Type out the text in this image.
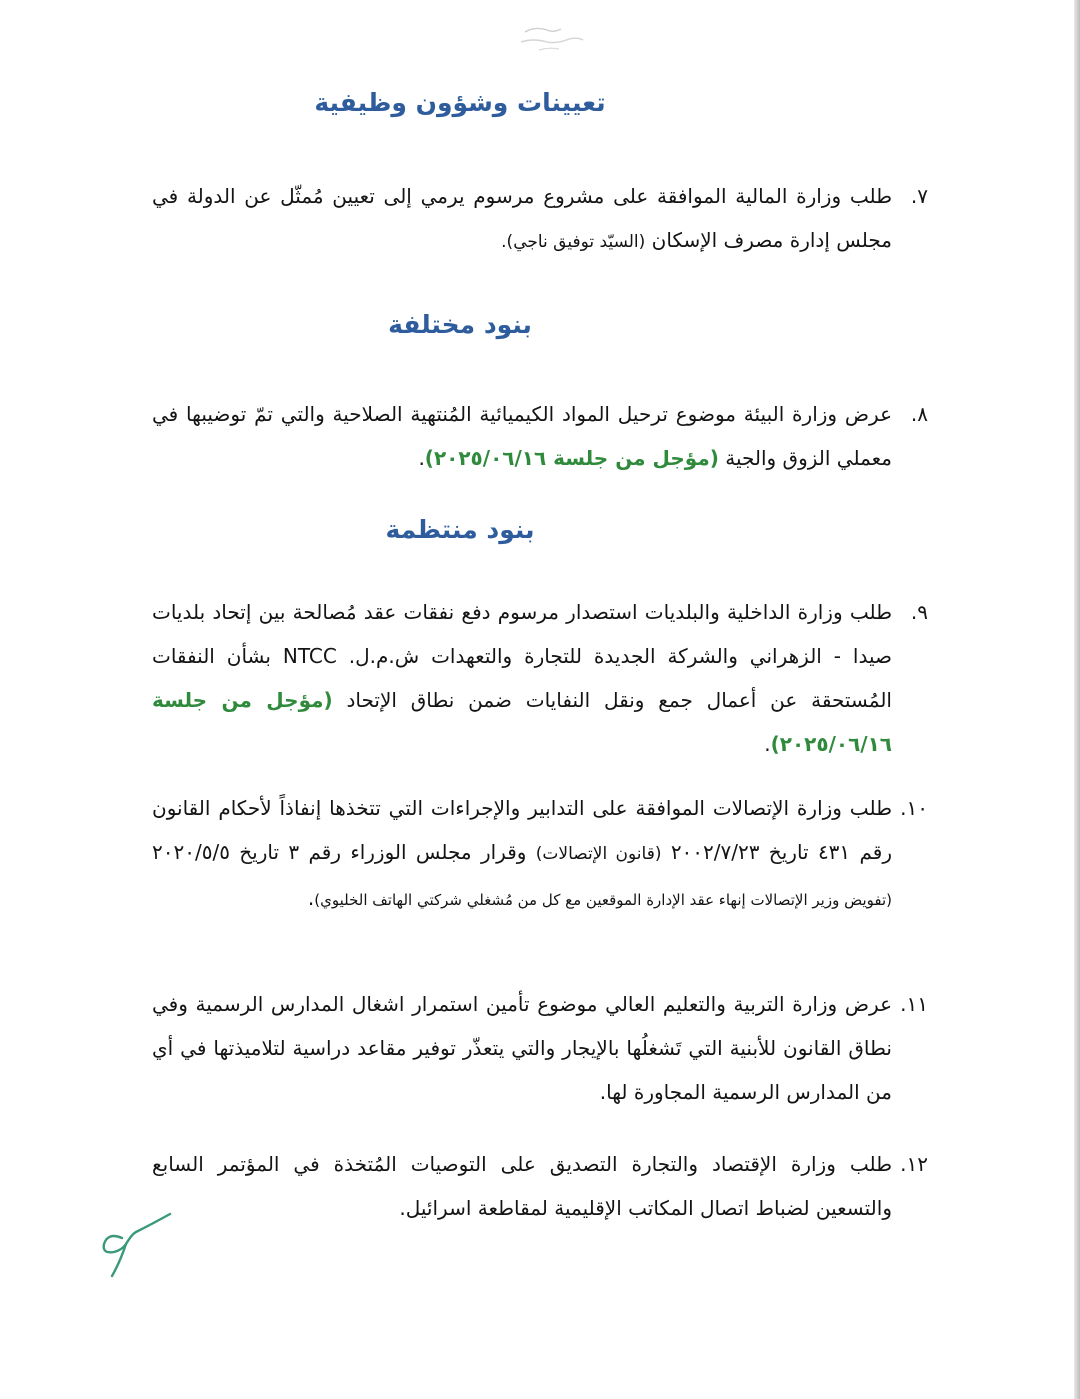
تعيينات وشؤون وظيفية
٧.
طلب وزارة المالية الموافقة على مشروع مرسوم يرمي إلى تعيين مُمثّل عن الدولة في مجلس إدارة مصرف الإسكان (السيّد توفيق ناجي).
بنود مختلفة
٨.
عرض وزارة البيئة موضوع ترحيل المواد الكيميائية المُنتهية الصلاحية والتي تمّ توضيبها في معملي الزوق والجية (مؤجل من جلسة ٢٠٢٥/٠٦/١٦).
بنود منتظمة
٩.
طلب وزارة الداخلية والبلديات استصدار مرسوم دفع نفقات عقد مُصالحة بين إتحاد بلديات صيدا - الزهراني والشركة الجديدة للتجارة والتعهدات ش.م.ل. NTCC بشأن النفقات المُستحقة عن أعمال جمع ونقل النفايات ضمن نطاق الإتحاد (مؤجل من جلسة ٢٠٢٥/٠٦/١٦).
١٠.
طلب وزارة الإتصالات الموافقة على التدابير والإجراءات التي تتخذها إنفاذاً لأحكام القانون رقم ٤٣١ تاريخ ٢٠٠٢/٧/٢٣ (قانون الإتصالات) وقرار مجلس الوزراء رقم ٣ تاريخ ٢٠٢٠/٥/٥ (تفويض وزير الإتصالات إنهاء عقد الإدارة الموقعين مع كل من مُشغلي شركتي الهاتف الخليوي).
١١.
عرض وزارة التربية والتعليم العالي موضوع تأمين استمرار اشغال المدارس الرسمية وفي نطاق القانون للأبنية التي تَشغلُها بالإيجار والتي يتعذّر توفير مقاعد دراسية لتلاميذتها في أي من المدارس الرسمية المجاورة لها.
١٢.
طلب وزارة الإقتصاد والتجارة التصديق على التوصيات المُتخذة في المؤتمر السابع والتسعين لضباط اتصال المكاتب الإقليمية لمقاطعة اسرائيل.
